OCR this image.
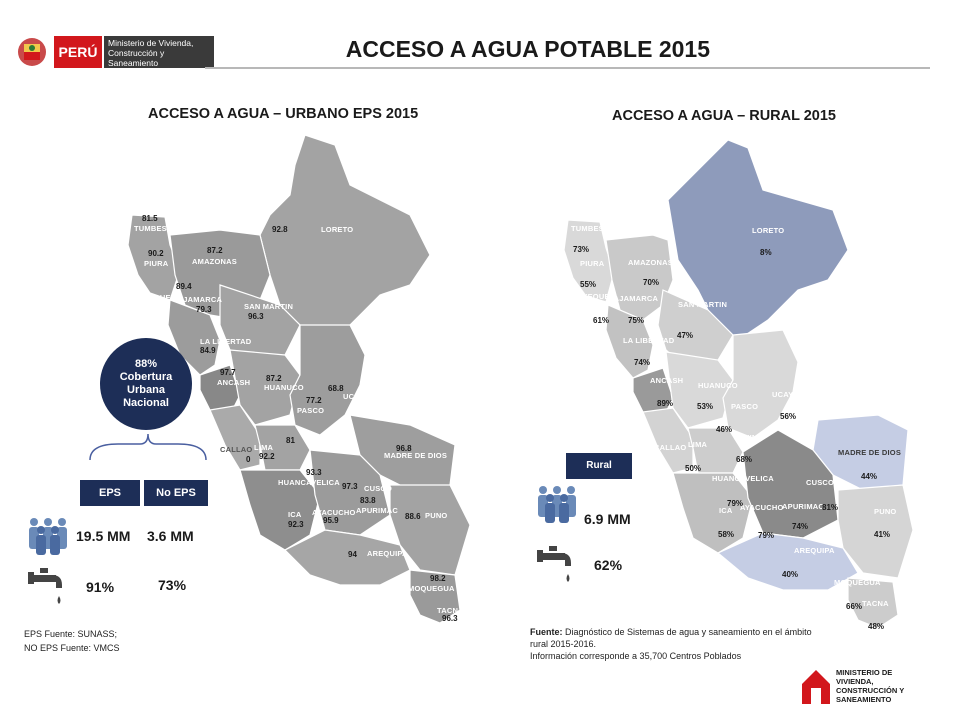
PERÚ
Ministerio de Vivienda, Construcción y Saneamiento
ACCESO A AGUA POTABLE 2015
ACCESO A AGUA – URBANO EPS 2015	ACCESO A AGUA – RURAL 2015
TUMBES
81.5
PIURA
90.2
LAMBAYEQUE
89.4
CAJAMARCA
79.3
AMAZONAS
87.2
LORETO
92.8
SAN MARTIN
96.3
LA LIBERTAD
84.9
ANCASH
97.7
HUANUCO
87.2
UCAYALI
68.8
PASCO
77.2
CALLAO
0
LIMA
92.2
JUNIN
81
MADRE DE DIOS
96.8
HUANCAVELICA
93.3
CUSCO
97.3
ICA
92.3
AYACUCHO
95.9
APURIMAC
83.8
PUNO
88.6
AREQUIPA
94
MOQUEGUA
98.2
TACNA
96.3
88%
Cobertura Urbana Nacional
EPS	No EPS
19.5 MM 3.6 MM
91%	73%
EPS Fuente: SUNASS;
NO EPS Fuente: VMCS
TUMBES
PIURA
LAMBAYEQUE
CAJAMARCA
AMAZONAS
LORETO
SAN MARTIN
LA LIBERTAD
ANCASH
HUANUCO
UCAYALI
PASCO
CALLAO LIMA
JUNIN
MADRE DE DIOS
HUANCAVELICA	CUSCO
ICA AYACUCHO
APURIMAC
PUNO
AREQUIPA
MOQUEGUA
TACNA
73%
55%
61% 75%
70%
8%
47%
74%
89%	53%
56%
46%
50%
68%
44%
79%
58%	79%
74%
81%
41%
40%
66%
48%
Rural
6.9 MM
62%
Fuente: Diagnóstico de Sistemas de agua y saneamiento en el ámbito rural 2015-2016.
Información corresponde a 35,700 Centros Poblados
MINISTERIO DE
VIVIENDA,
CONSTRUCCIÓN Y
SANEAMIENTO
